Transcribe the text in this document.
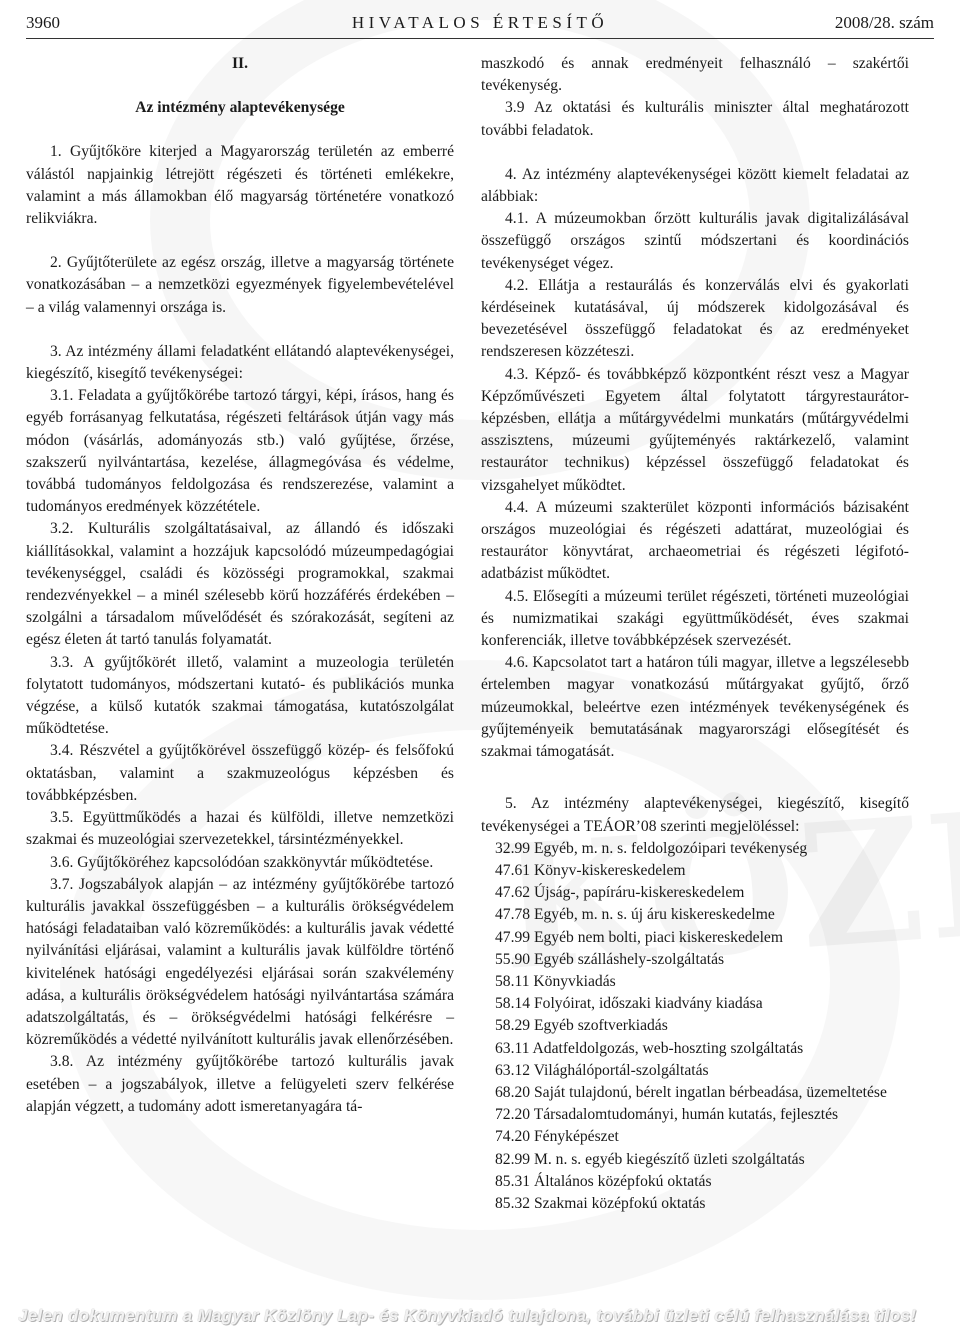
3960	HIVATALOS ÉRTESÍTŐ	2008/28. szám

II.

Az intézmény alaptevékenysége

1. Gyűjtőköre kiterjed a Magyarország területén az emberré válástól napjainkig létrejött régészeti és történeti emlékekre, valamint a más államokban élő magyarság történetére vonatkozó relikviákra.

2. Gyűjtőterülete az egész ország, illetve a magyarság története vonatkozásában – a nemzetközi egyezmények figyelembevételével – a világ valamennyi országa is.

3. Az intézmény állami feladatként ellátandó alaptevékenységei, kiegészítő, kisegítő tevékenységei:

3.1. Feladata a gyűjtőkörébe tartozó tárgyi, képi, írásos, hang és egyéb forrásanyag felkutatása, régészeti feltárások útján vagy más módon (vásárlás, adományozás stb.) való gyűjtése, őrzése, szakszerű nyilvántartása, kezelése, állagmegóvása és védelme, továbbá tudományos feldolgozása és rendszerezése, valamint a tudományos eredmények közzététele.

3.2. Kulturális szolgáltatásaival, az állandó és időszaki kiállításokkal, valamint a hozzájuk kapcsolódó múzeumpedagógiai tevékenységgel, családi és közösségi programokkal, szakmai rendezvényekkel – a minél szélesebb körű hozzáférés érdekében – szolgálni a társadalom művelődését és szórakozását, segíteni az egész életen át tartó tanulás folyamatát.

3.3. A gyűjtőkörét illető, valamint a muzeologia területén folytatott tudományos, módszertani kutató- és publikációs munka végzése, a külső kutatók szakmai támogatása, kutatószolgálat működtetése.

3.4. Részvétel a gyűjtőkörével összefüggő közép- és felsőfokú oktatásban, valamint a szakmuzeológus képzésben és továbbképzésben.

3.5. Együttműködés a hazai és külföldi, illetve nemzetközi szakmai és muzeológiai szervezetekkel, társintézményekkel.

3.6. Gyűjtőköréhez kapcsolódóan szakkönyvtár működtetése.

3.7. Jogszabályok alapján – az intézmény gyűjtőkörébe tartozó kulturális javakkal összefüggésben – a kulturális örökségvédelem hatósági feladataiban való közreműködés: a kulturális javak védetté nyilvánítási eljárásai, valamint a kulturális javak külföldre történő kivitelének hatósági engedélyezési eljárásai során szakvélemény adása, a kulturális örökségvédelem hatósági nyilvántartása számára adatszolgáltatás, és – örökségvédelmi hatósági felkérésre – közreműködés a védetté nyilvánított kulturális javak ellenőrzésében.

3.8. Az intézmény gyűjtőkörébe tartozó kulturális javak esetében – a jogszabályok, illetve a felügyeleti szerv felkérése alapján végzett, a tudomány adott ismeretanyagára tá-

maszkodó és annak eredményeit felhasználó – szakértői tevékenység.

3.9 Az oktatási és kulturális miniszter által meghatározott további feladatok.

4. Az intézmény alaptevékenységei között kiemelt feladatai az alábbiak:

4.1. A múzeumokban őrzött kulturális javak digitalizálásával összefüggő országos szintű módszertani és koordinációs tevékenységet végez.

4.2. Ellátja a restaurálás és konzerválás elvi és gyakorlati kérdéseinek kutatásával, új módszerek kidolgozásával és bevezetésével összefüggő feladatokat és az eredményeket rendszeresen közzéteszi.

4.3. Képző- és továbbképző központként részt vesz a Magyar Képzőművészeti Egyetem által folytatott tárgyrestaurátor-képzésben, ellátja a műtárgyvédelmi munkatárs (műtárgyvédelmi asszisztens, múzeumi gyűjteményés raktárkezelő, valamint restaurátor technikus) képzéssel összefüggő feladatokat és vizsgahelyet működtet.

4.4. A múzeumi szakterület központi információs bázisaként országos muzeológiai és régészeti adattárat, muzeológiai és restaurátor könyvtárat, archaeometriai és régészeti légifotó-adatbázist működtet.

4.5. Elősegíti a múzeumi terület régészeti, történeti muzeológiai és numizmatikai szakági együttműködését, éves szakmai konferenciák, illetve továbbképzések szervezését.

4.6. Kapcsolatot tart a határon túli magyar, illetve a legszélesebb értelemben magyar vonatkozású műtárgyakat gyűjtő, őrző múzeumokkal, beleértve ezen intézmények tevékenységének és gyűjteményeik bemutatásának magyarországi elősegítését és szakmai támogatását.

5. Az intézmény alaptevékenységei, kiegészítő, kisegítő tevékenységei a TEÁOR’08 szerinti megjelöléssel:

32.99 Egyéb, m. n. s. feldolgozóipari tevékenység

47.61 Könyv-kiskereskedelem

47.62 Újság-, papíráru-kiskereskedelem

47.78 Egyéb, m. n. s. új áru kiskereskedelme

47.99 Egyéb nem bolti, piaci kiskereskedelem

55.90 Egyéb szálláshely-szolgáltatás

58.11 Könyvkiadás

58.14 Folyóirat, időszaki kiadvány kiadása

58.29 Egyéb szoftverkiadás

63.11 Adatfeldolgozás, web-hoszting szolgáltatás

63.12 Világhálóportál-szolgáltatás

68.20 Saját tulajdonú, bérelt ingatlan bérbeadása, üzemeltetése

72.20 Társadalomtudományi, humán kutatás, fejlesztés

74.20 Fényképészet

82.99 M. n. s. egyéb kiegészítő üzleti szolgáltatás

85.31 Általános középfokú oktatás

85.32 Szakmai középfokú oktatás

Jelen dokumentum a Magyar Közlöny Lap- és Könyvkiadó tulajdona, további üzleti célú felhasználása tilos!
